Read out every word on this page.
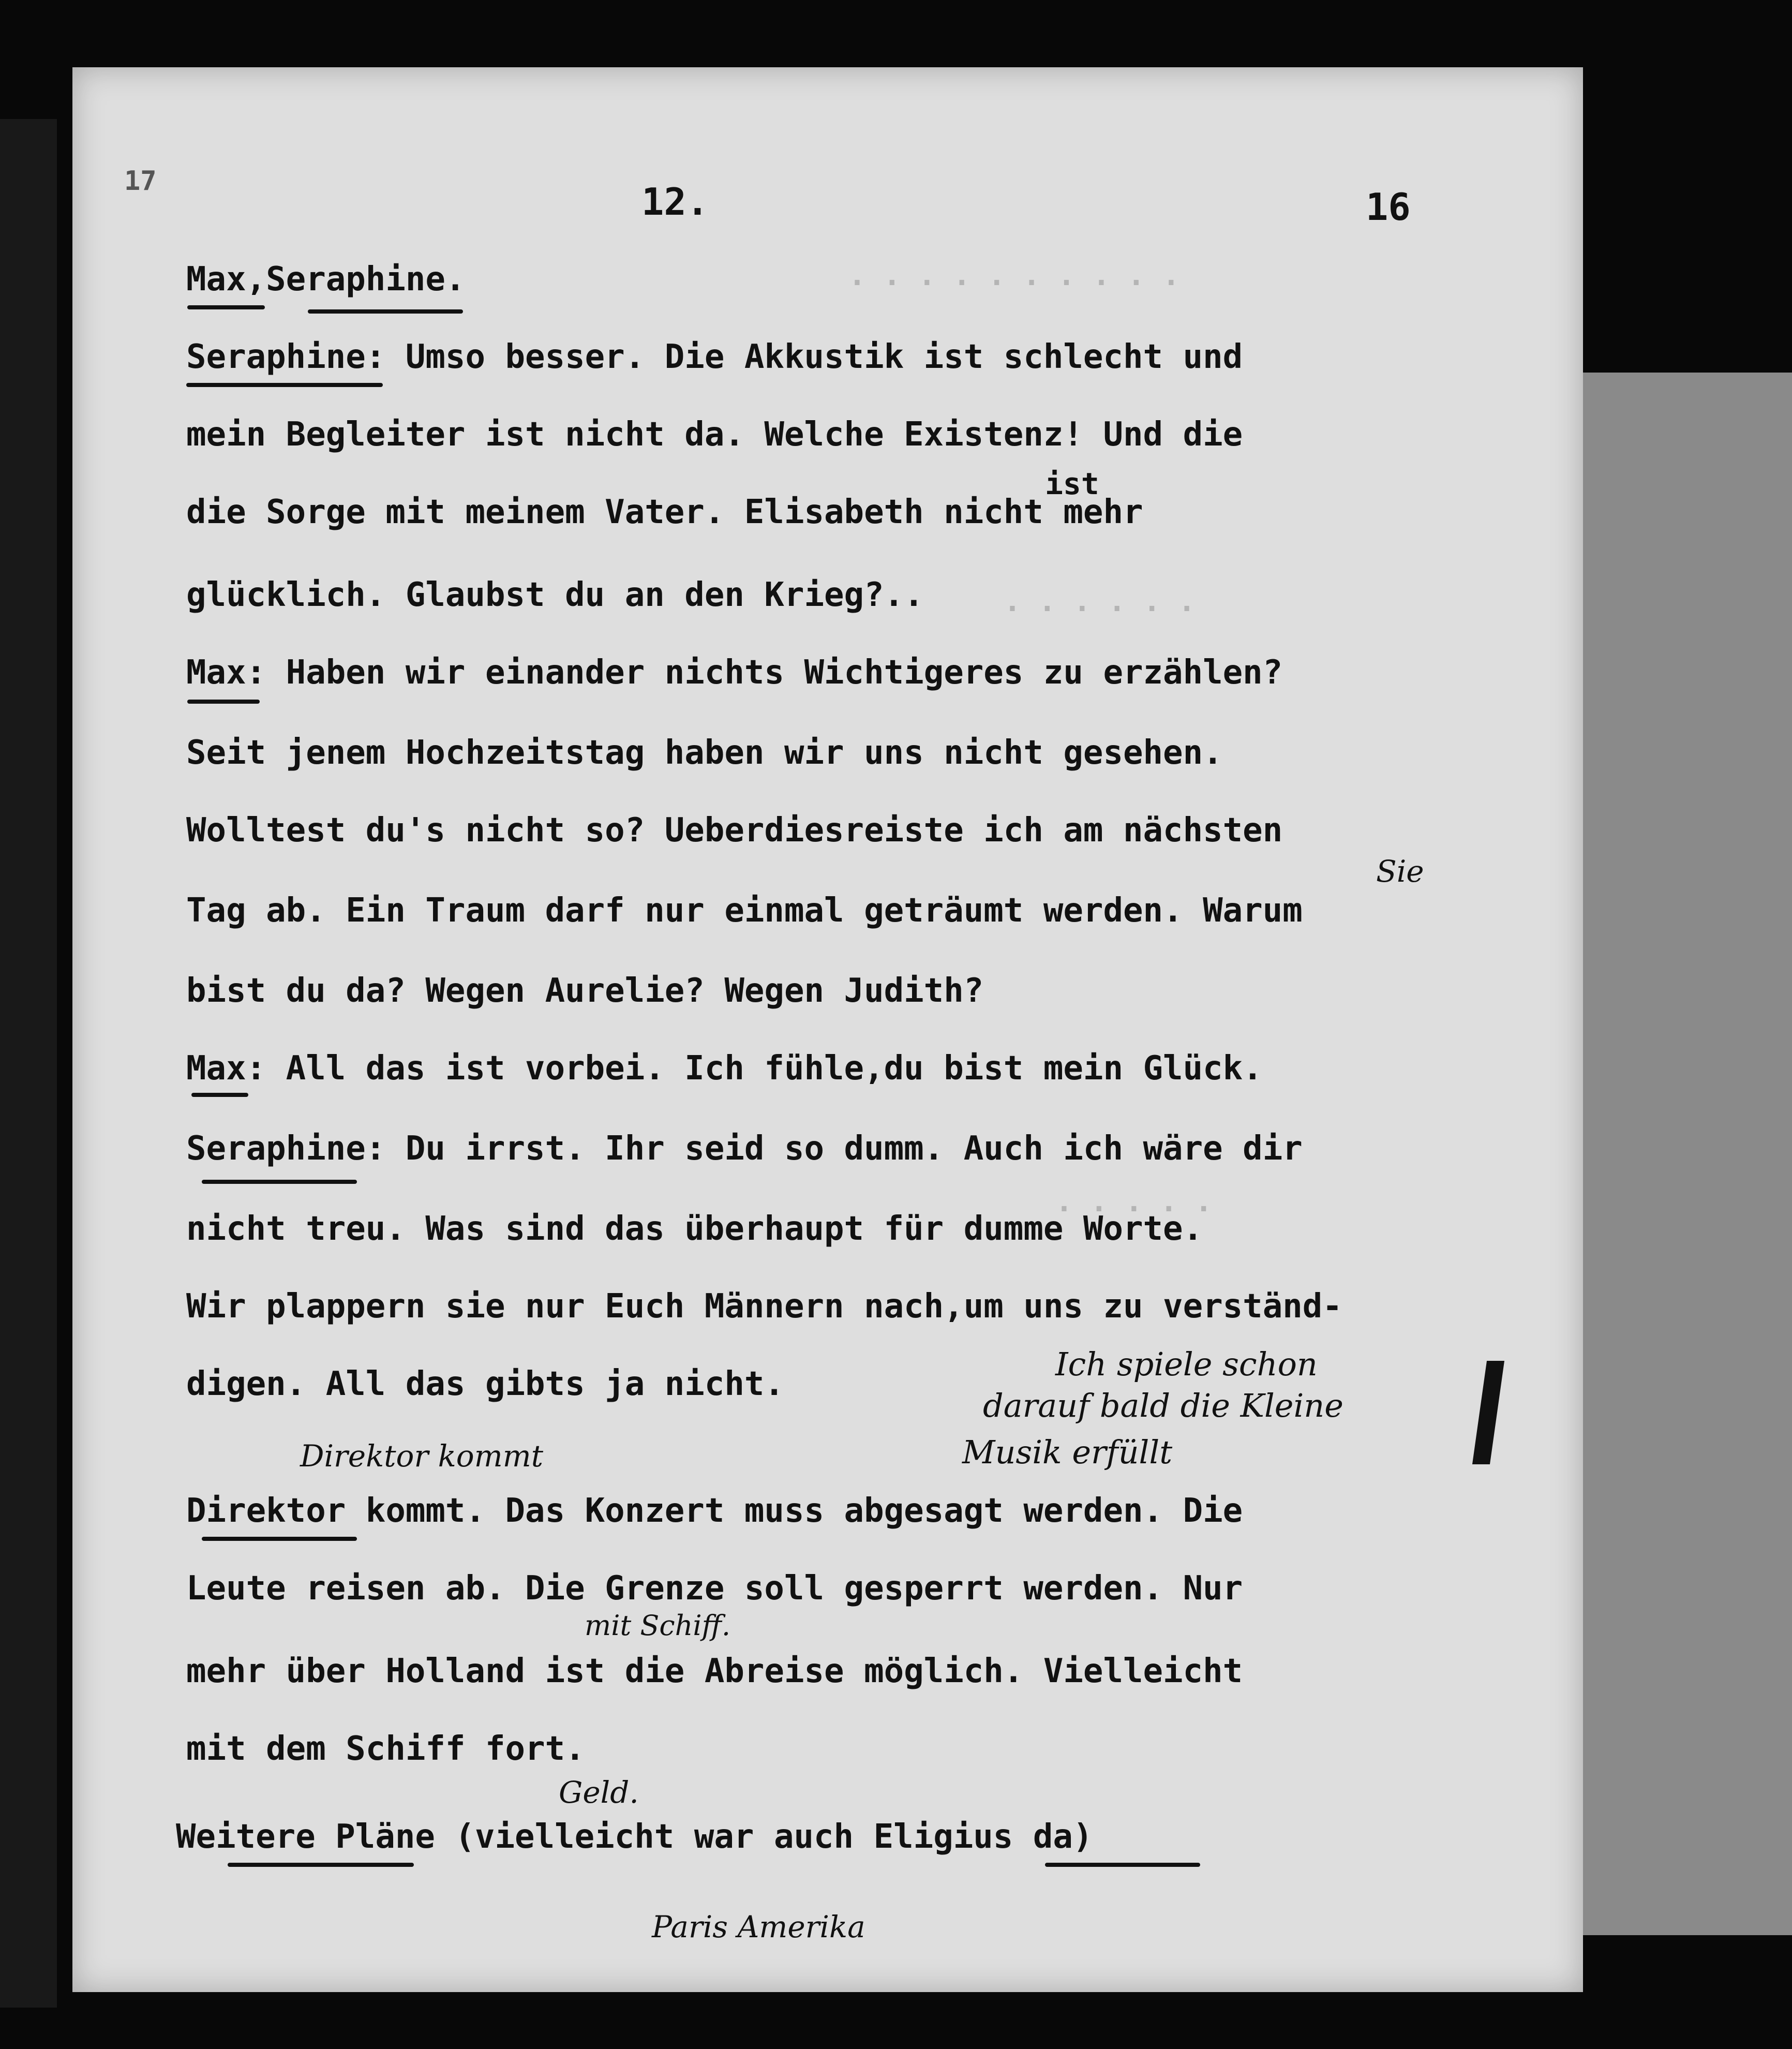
. . . . . . . . . .
. . . . . .
. . . . .
17	12.	16
Max,Seraphine.
Seraphine: Umso besser. Die Akkustik ist schlecht und
mein Begleiter ist nicht da. Welche Existenz! Und die
ist
die Sorge mit meinem Vater. Elisabeth nicht mehr
glücklich. Glaubst du an den Krieg?..
Max: Haben wir einander nichts Wichtigeres zu erzählen?
Seit jenem Hochzeitstag haben wir uns nicht gesehen.
Wolltest du's nicht so? Ueberdiesreiste ich am nächsten
Sie
Tag ab. Ein Traum darf nur einmal geträumt werden. Warum
bist du da? Wegen Aurelie? Wegen Judith?
Max: All das ist vorbei. Ich fühle,du bist mein Glück.
Seraphine: Du irrst. Ihr seid so dumm. Auch ich wäre dir
nicht treu. Was sind das überhaupt für dumme Worte.
Wir plappern sie nur Euch Männern nach,um uns zu verständ-
digen. All das gibts ja nicht.
Ich spiele schon
darauf bald die Kleine
Musik erfüllt
Direktor kommt
Direktor kommt. Das Konzert muss abgesagt werden. Die
Leute reisen ab. Die Grenze soll gesperrt werden. Nur
mit Schiff.
mehr über Holland ist die Abreise möglich. Vielleicht
mit dem Schiff fort.
Geld.
Weitere Pläne (vielleicht war auch Eligius da)
Paris Amerika
